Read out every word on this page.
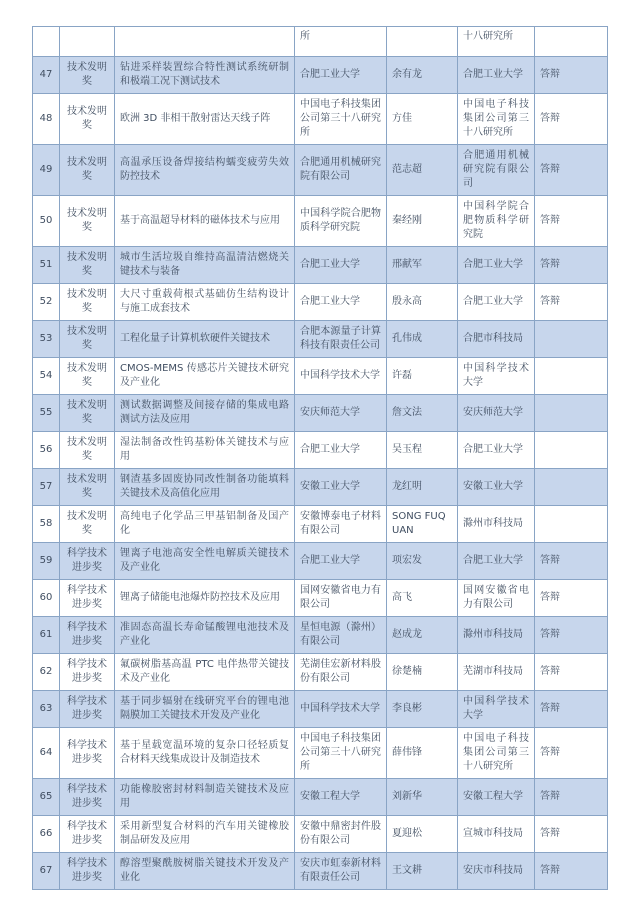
			所		十八研究所	
47	技术发明奖	钻进采样装置综合特性测试系统研制和极端工况下测试技术	合肥工业大学	余有龙	合肥工业大学	答辩
48	技术发明奖	欧洲 3D 非相干散射雷达天线子阵	中国电子科技集团公司第三十八研究所	方佳	中国电子科技集团公司第三十八研究所	答辩
49	技术发明奖	高温承压设备焊接结构蠕变疲劳失效防控技术	合肥通用机械研究院有限公司	范志超	合肥通用机械研究院有限公司	答辩
50	技术发明奖	基于高温超导材料的磁体技术与应用	中国科学院合肥物质科学研究院	秦经刚	中国科学院合肥物质科学研究院	答辩
51	技术发明奖	城市生活垃圾自维持高温清洁燃烧关键技术与装备	合肥工业大学	邢献军	合肥工业大学	答辩
52	技术发明奖	大尺寸重载荷根式基础仿生结构设计与施工成套技术	合肥工业大学	殷永高	合肥工业大学	答辩
53	技术发明奖	工程化量子计算机软硬件关键技术	合肥本源量子计算科技有限责任公司	孔伟成	合肥市科技局	
54	技术发明奖	CMOS-MEMS 传感芯片关键技术研究及产业化	中国科学技术大学	许磊	中国科学技术大学	
55	技术发明奖	测试数据调整及间接存储的集成电路测试方法及应用	安庆师范大学	詹文法	安庆师范大学	
56	技术发明奖	湿法制备改性钨基粉体关键技术与应用	合肥工业大学	吴玉程	合肥工业大学	
57	技术发明奖	钢渣基多固废协同改性制备功能填料关键技术及高值化应用	安徽工业大学	龙红明	安徽工业大学	
58	技术发明奖	高纯电子化学品三甲基铝制备及国产化	安徽博泰电子材料有限公司	SONG FUQUAN	滁州市科技局	
59	科学技术进步奖	锂离子电池高安全性电解质关键技术及产业化	合肥工业大学	项宏发	合肥工业大学	答辩
60	科学技术进步奖	锂离子储能电池爆炸防控技术及应用	国网安徽省电力有限公司	高飞	国网安徽省电力有限公司	答辩
61	科学技术进步奖	准固态高温长寿命锰酸锂电池技术及产业化	星恒电源（滁州）有限公司	赵成龙	滁州市科技局	答辩
62	科学技术进步奖	氟碳树脂基高温 PTC 电伴热带关键技术及产业化	芜湖佳宏新材料股份有限公司	徐楚楠	芜湖市科技局	答辩
63	科学技术进步奖	基于同步辐射在线研究平台的锂电池隔膜加工关键技术开发及产业化	中国科学技术大学	李良彬	中国科学技术大学	答辩
64	科学技术进步奖	基于星载宽温环境的复杂口径轻质复合材料天线集成设计及制造技术	中国电子科技集团公司第三十八研究所	薛伟锋	中国电子科技集团公司第三十八研究所	答辩
65	科学技术进步奖	功能橡胶密封材料制造关键技术及应用	安徽工程大学	刘新华	安徽工程大学	答辩
66	科学技术进步奖	采用新型复合材料的汽车用关键橡胶制品研发及应用	安徽中鼎密封件股份有限公司	夏迎松	宣城市科技局	答辩
67	科学技术进步奖	醇溶型聚酰胺树脂关键技术开发及产业化	安庆市虹泰新材料有限责任公司	王文耕	安庆市科技局	答辩
